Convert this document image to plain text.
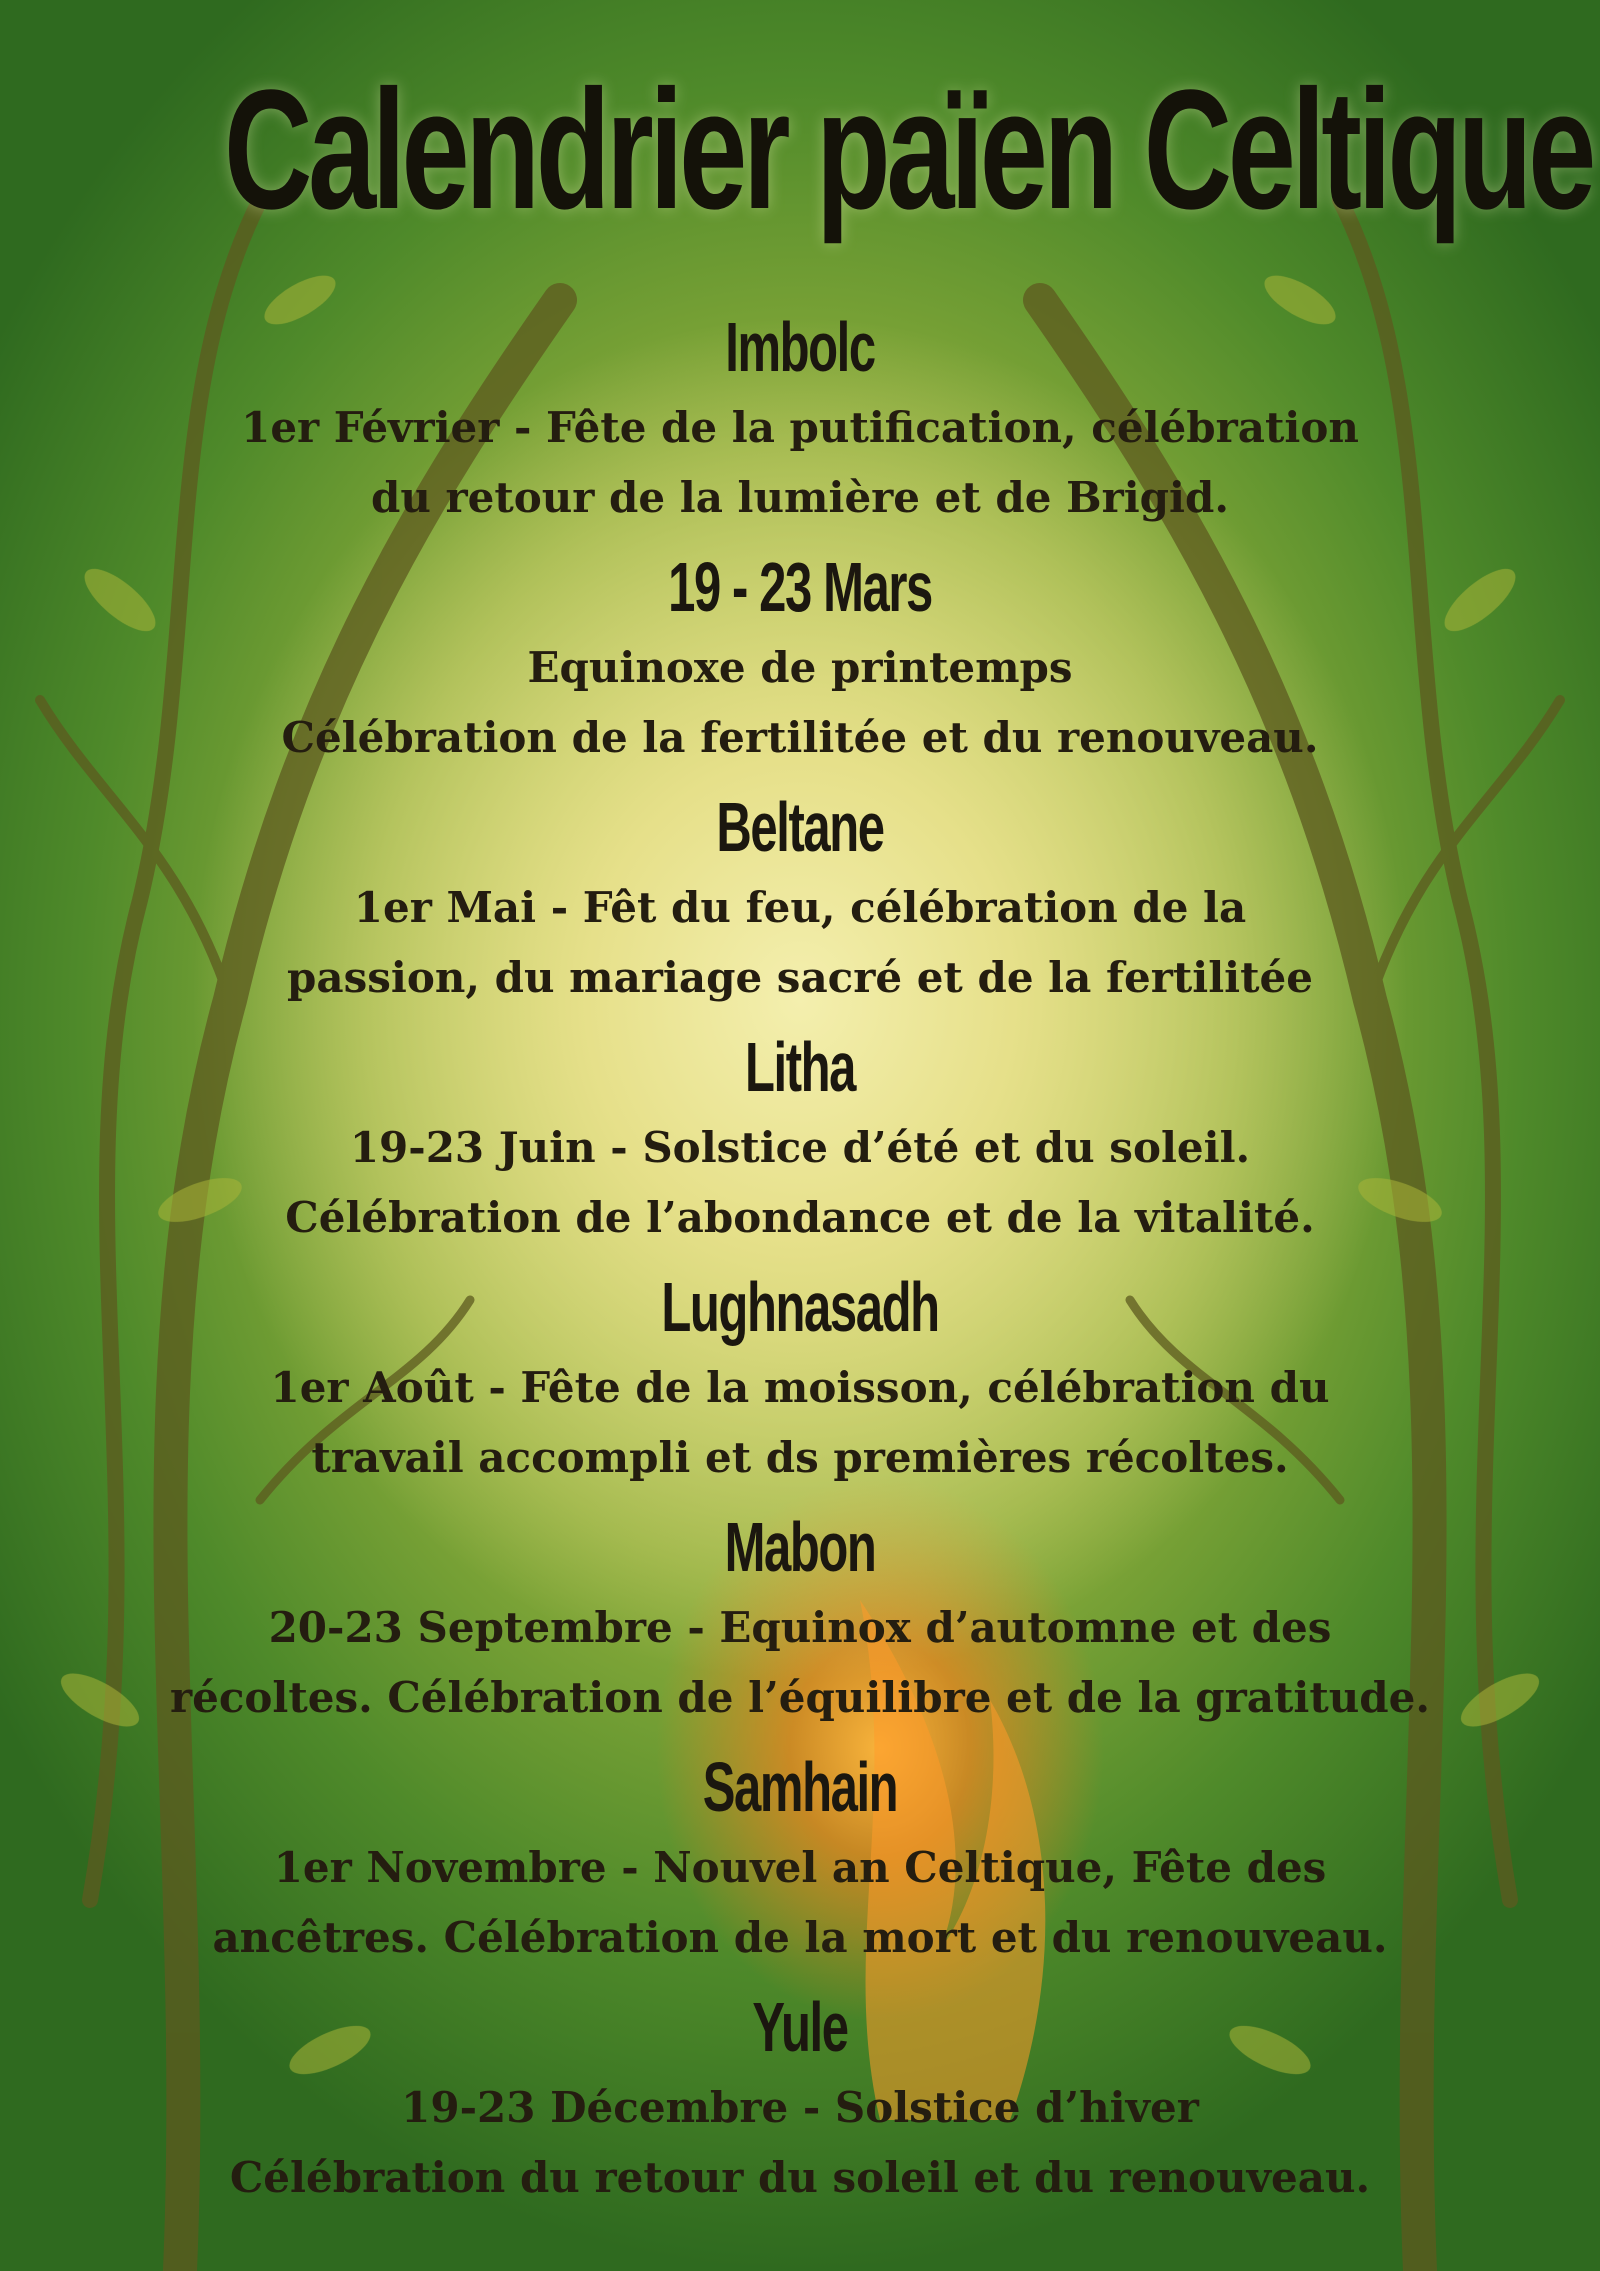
Calendrier païen Celtique
Imbolc
1er Février - Fête de la putification, célébration
du retour de la lumière et de Brigid.
19 - 23 Mars
Equinoxe de printemps
Célébration de la fertilitée et du renouveau.
Beltane
1er Mai - Fêt du feu, célébration de la
passion, du mariage sacré et de la fertilitée
Litha
19-23 Juin - Solstice d’été et du soleil.
Célébration de l’abondance et de la vitalité.
Lughnasadh
1er Août - Fête de la moisson, célébration du
travail accompli et ds premières récoltes.
Mabon
20-23 Septembre - Equinox d’automne et des
récoltes. Célébration de l’équilibre et de la gratitude.
Samhain
1er Novembre - Nouvel an Celtique, Fête des
ancêtres. Célébration de la mort et du renouveau.
Yule
19-23 Décembre - Solstice d’hiver
Célébration du retour du soleil et du renouveau.
